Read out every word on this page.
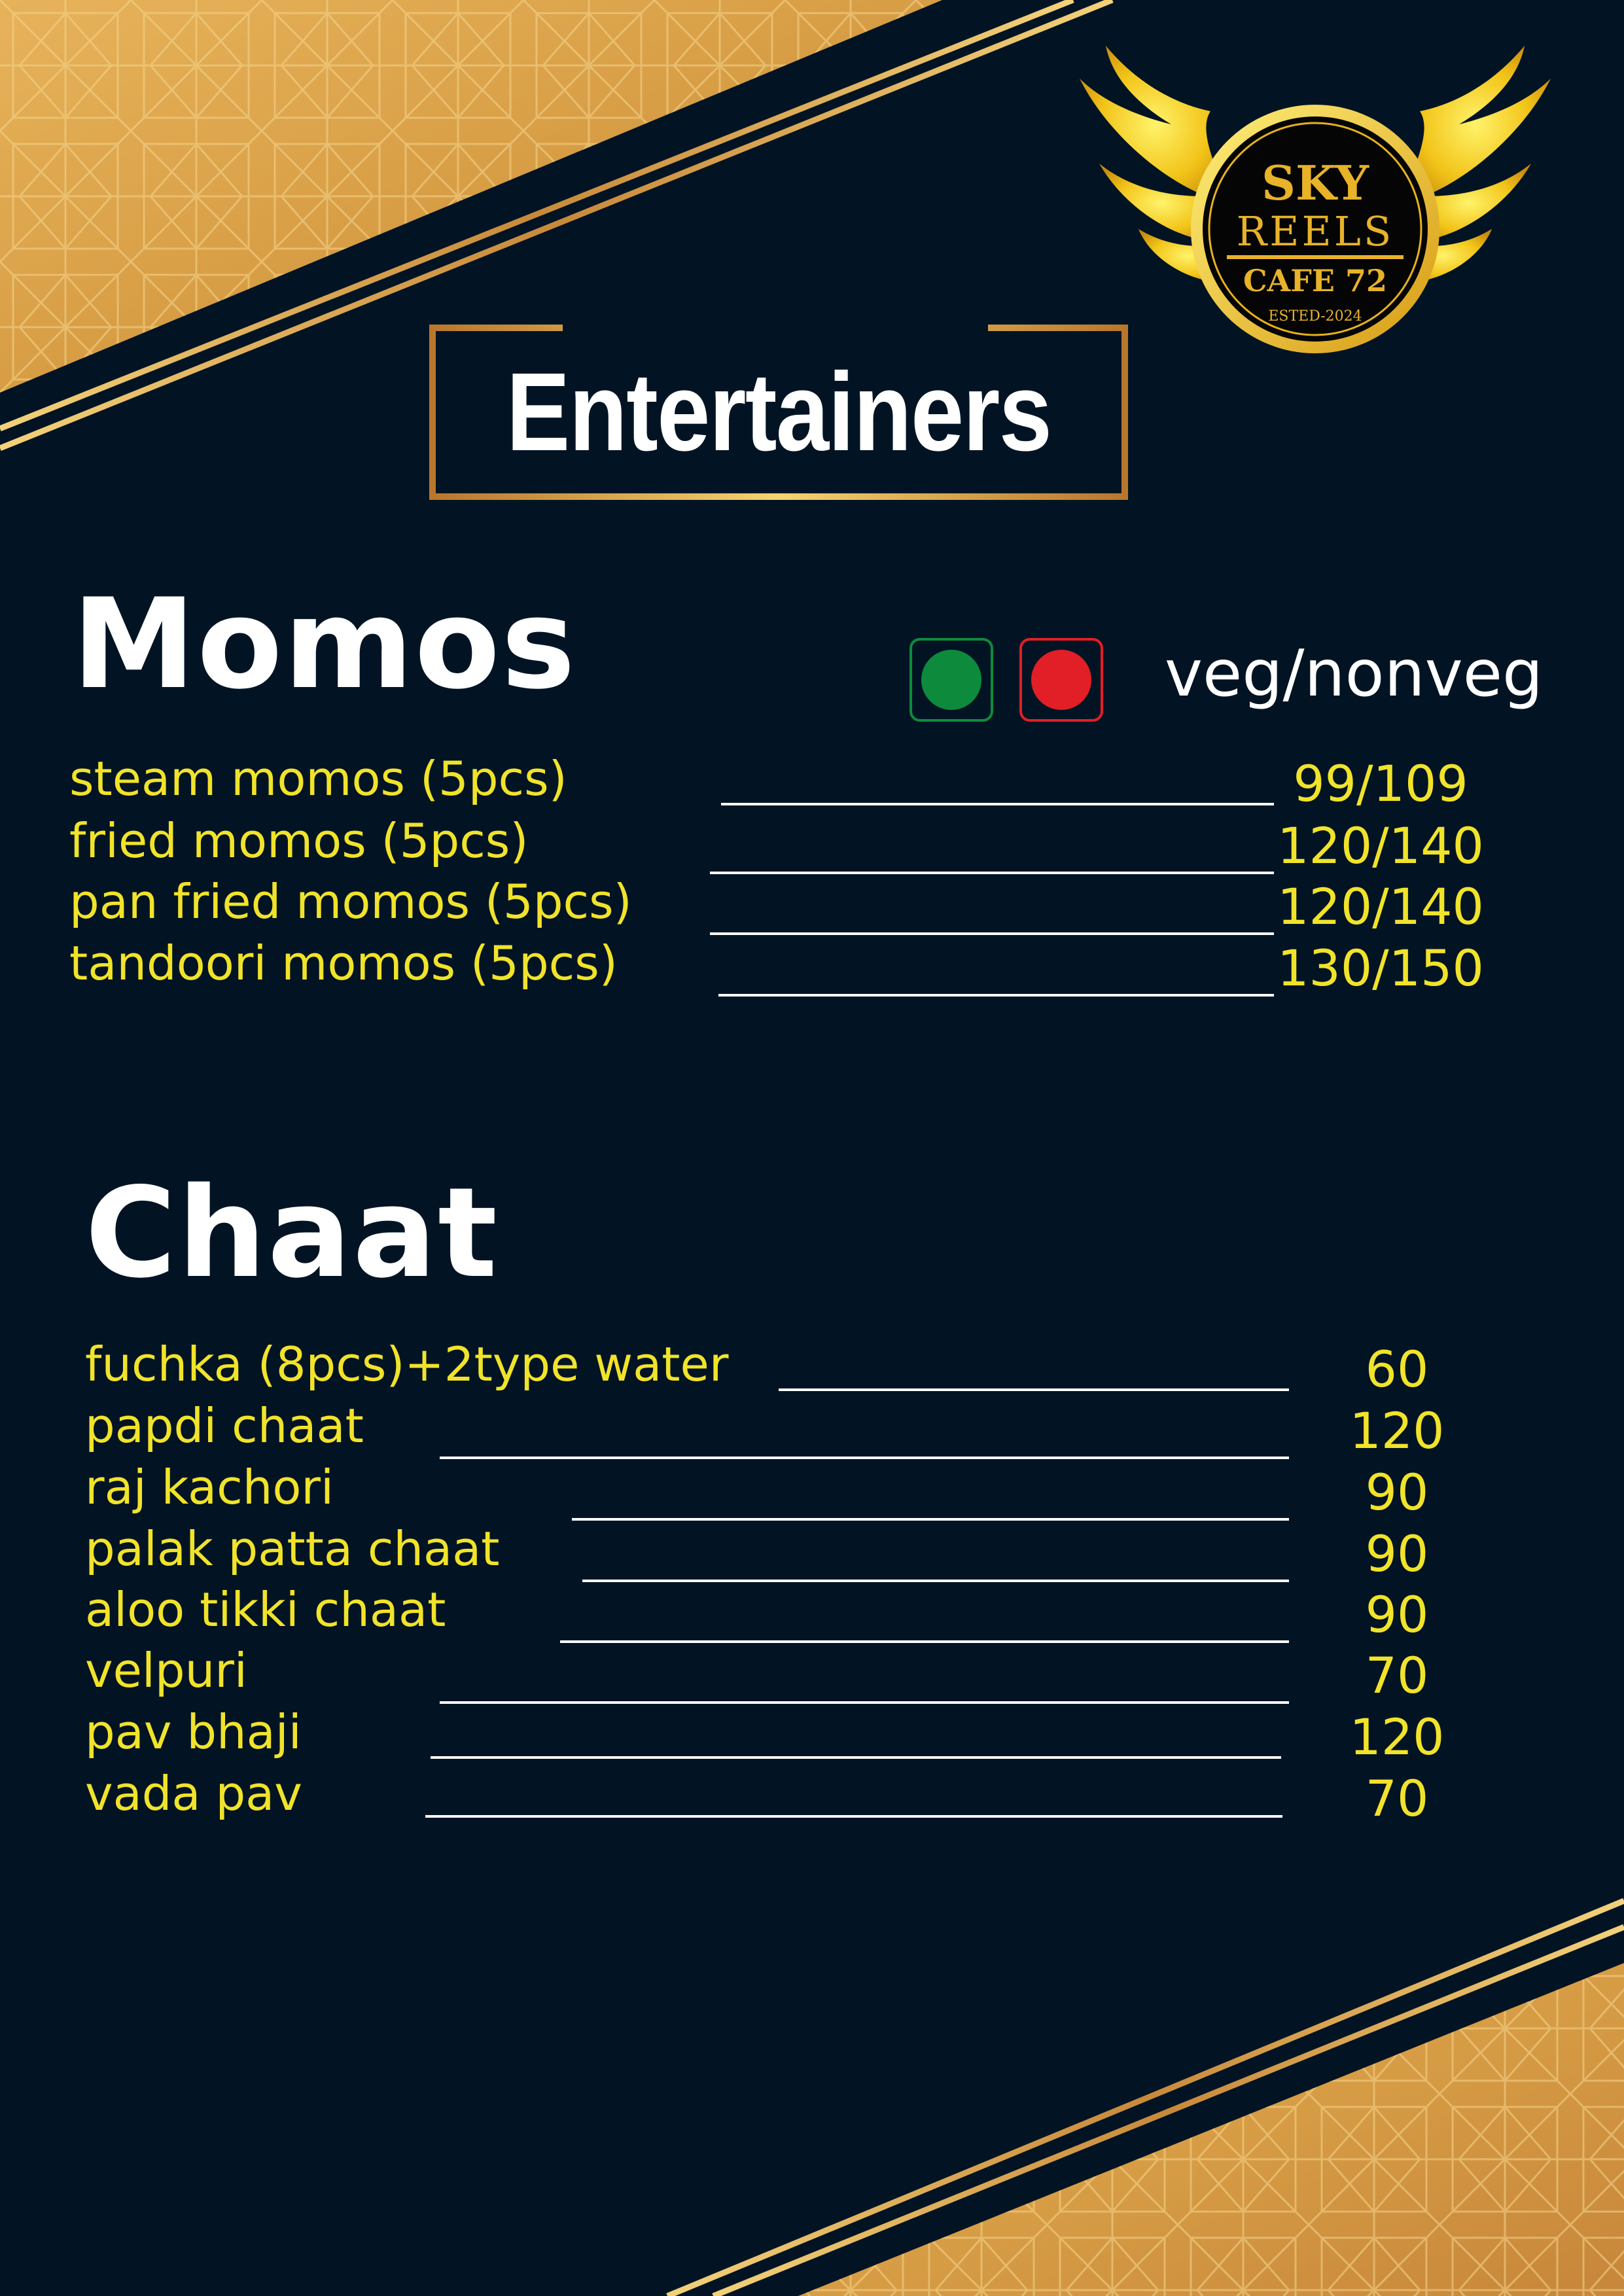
SKY
REELS
CAFE 72
ESTED-2024
Entertainers
Momos	veg/nonveg
steam momos (5pcs)	99/109
fried momos (5pcs)	120/140
pan fried momos (5pcs)	120/140
tandoori momos (5pcs)	130/150
Chaat
fuchka (8pcs)+2type water	60
papdi chaat	120
raj kachori	90
palak patta chaat	90
aloo tikki chaat	90
velpuri	70
pav bhaji	120
vada pav	70
